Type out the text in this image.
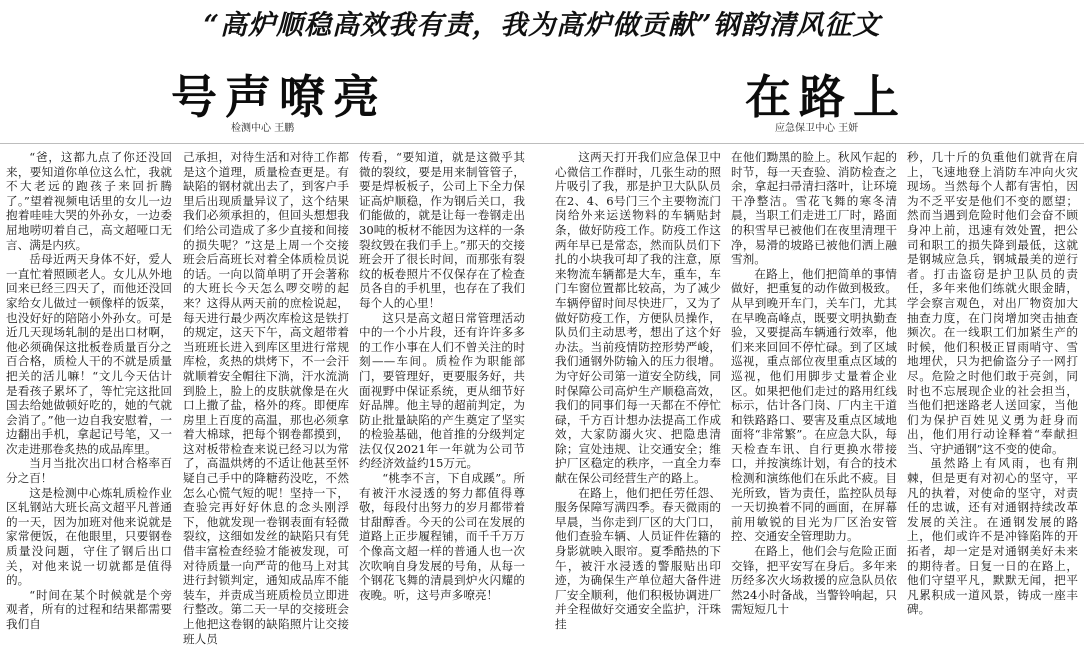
“高炉顺稳高效我有责，我为高炉做贡献”钢韵清风征文
号声嘹亮
检测中心 王鹏
在路上
应急保卫中心 王妍

“爸，这都九点了你还没回来，要知道你单位这么忙，我就不大老远的跑孩子来回折腾了。”望着视频电话里的女儿一边抱着哇哇大哭的外孙女，一边委屈地唠叨着自己，高文超哑口无言、满是内疚。

岳母近两天身体不好，爱人一直忙着照顾老人。女儿从外地回来已经三四天了，而他还没回家给女儿做过一顿像样的饭菜，也没好好的陪陪小外孙女。可是近几天现场轧制的是出口材啊，他必须确保这批板卷质量百分之百合格，质检人干的不就是质量把关的活儿嘛！“文儿今天估计是看孩子累坏了，等忙完这批回国去给她做顿好吃的，她的气就会消了。”他一边自我安慰着，一边翻出手机，拿起记号笔，又一次走进那卷炙热的成品库里。

当月当批次出口材合格率百分之百！

这是检测中心炼轧质检作业区轧钢站大班长高文超平凡普通的一天，因为加班对他来说就是家常便饭，在他眼里，只要钢卷质量没问题，守住了钢后出口关，对他来说一切就都是值得的。

“时间在某个时候就是个旁观者，所有的过程和结果都需要我们自

己承担，对待生活和对待工作都是这个道理，质量检查更是。有缺陷的钢材就出去了，到客户手里后出现质量异议了，这个结果我们必须承担的，但回头想想我们给公司造成了多少直接和间接的损失呢？”这是上周一个交接班会后高班长对着全体质检员说的话。一向以简单明了开会著称的大班长今天怎么啰交唠的起来？这得从两天前的庶检说起，每天进行最少两次库检这是铁打的规定，这天下午，高文超带着当班班长进入到库区里进行常规库检，炙热的烘烤下，不一会汗就顺着安全帽往下淌，汗水流淌到脸上，脸上的皮肤就像是在火口上撒了盐，格外的疼。即便库房里上百度的高温，那也必须拿着大棉球，把每个钢卷都摸到，这对板带检查来说已经习以为常了，高温烘烤的不适让他甚至怀疑自己手中的降糖药没吃，不然怎么心慌气短的呢！坚持一下，查验完再好好休息的念头刚浮下，他就发现一卷钢表面有轻微裂纹，这细如发丝的缺陷只有凭借丰富检查经验才能被发现，可对待质量一向严苛的他马上对其进行封锁判定，通知成品库不能装车，并责成当班质检员立即进行整改。第二天一早的交接班会上他把这卷钢的缺陷照片让交接班人员

传看，“要知道，就是这微乎其微的裂纹，要是用来制管管子，要是焊板板子，公司上下全力保证高炉顺稳，作为钢后关口，我们能做的，就是让每一卷钢走出30吨的板材不能因为这样的一条裂纹毁在我们手上。”那天的交接班会开了很长时间，而那张有裂纹的板卷照片不仅保存在了检查员各自的手机里，也存在了我们每个人的心里！

这只是高文超日常管理活动中的一个小片段，还有许许多多的工作小事在人们不曾关注的时刻——车间。质检作为职能部门，要管理好，更要服务好，共面视野中保证系统，更从细节好好品牌。他主导的超前判定，为防止批量缺陷的产生奠定了坚实的检验基础，他首推的分级判定法仅仅2021年一年就为公司节约经济效益约15万元。

“桃李不言，下自成蹊”。所有被汗水浸透的努力都值得尊敬，每段付出努力的岁月都带着甘甜醇香。今天的公司在发展的道路上正步履程铺，而千千万万个像高文超一样的普通人也一次次吹响自身发展的号角，从每一个钢花飞舞的清晨到炉火闪耀的夜晚。听，这号声多嘹亮！

这两天打开我们应急保卫中心微信工作群时，几张生动的照片吸引了我，那是护卫大队队员在2、4、6号门三个主要物流门岗给外来运送物料的车辆贴封条，做好防疫工作。防疫工作这两年早已是常态，然而队员们下扎的小块我可却了我的注意，原来物流车辆都是大车，重车，车门车窗位置都比较高，为了减少车辆停留时间尽快进厂，又为了做好防疫工作，方便队员操作，队员们主动思考，想出了这个好办法。当前疫情防控形势严峻，我们通钢外防输入的压力很增。为守好公司第一道安全防线，同时保障公司高炉生产顺稳高效，我们的同事们每一天都在不停忙碌，千方百计想办法提高工作成效，大家防溺火灾、把隐患清除；宣处违规、让交通安全；维护厂区稳定的秩序，一直全力奉献在保公司经营生产的路上。

在路上，他们把任劳任怨、服务保障写满四季。春天微雨的早晨，当你走到厂区的大门口，他们查验车辆、人员证件佐籍的身影就映入眼帘。夏季酷热的下午，被汗水浸透的警服贴出印迹，为确保生产单位超大备件进厂安全顺利，他们积极协调进厂并全程做好交通安全监护，汗珠挂

在他们黝黑的脸上。秋风乍起的时节，每一天查验、消防检查之余，拿起扫帚清扫落叶，让环境干净整洁。雪花飞舞的寒冬清晨，当职工们走进工厂时，路面的积雪早已被他们在夜里清理干净，易滑的坡路已被他们洒上融雪剂。

在路上，他们把简单的事情做好，把重复的动作做到极致。从早到晚开车门，关车门，尤其在早晚高峰点，既要文明执勤查验，又要提高车辆通行效率，他们来来回回不停忙碌。到了区域巡视，重点部位夜里重点区域的巡视，他们用脚步丈量着企业区。如果把他们走过的路用红线标示，估计各门岗、厂内主干道和铁路路口、要害及重点区域地面将“非常繁”。在应急大队，每天检查车讯、自行更换水带接口，并按演练计划，有合的技术检测和演练他们在乐此不疲。目光所致，皆为责任，监控队员每一天切换着不同的画面，在屏幕前用敏锐的目光为厂区治安管控、交通安全管理助力。

在路上，他们会与危险正面交锋，把平安写在身后。多年来历经多次火场救援的应急队员依然24小时备战，当警铃响起，只需短短几十

秒，几十斤的负重他们就背在肩上，飞速地登上消防车冲向火灾现场。当然每个人都有害怕，因为不乏平安是他们不变的愿望；然而当遇到危险时他们会奋不顾身冲上前，迅速有效处置，把公司和职工的损失降到最低，这就是钢城应急兵，钢城最美的逆行者。打击盗窃是护卫队员的责任，多年来他们练就火眼金睛，学会察言观色，对出厂物资加大抽查力度，在门岗增加突击抽查频次。在一线职工们加紧生产的时候，他们积极正冒雨哨守、雪地埋伏，只为把偷盗分子一网打尽。危险之时他们敢于亮剑，同时也不忘展现企业的社会担当，当他们把迷路老人送回家，当他们为保护百姓见义勇为赶身而出，他们用行动诠释着“奉献担当、守护通钢”这不变的使命。

虽然路上有风雨，也有荆棘，但是更有对初心的坚守，平凡的执着，对使命的坚守，对责任的忠诚，还有对通钢持续改革发展的关注。在通钢发展的路上，他们或许不是冲锋陷阵的开拓者，却一定是对通钢美好未来的期待者。日复一日的在路上，他们守望平凡，默默无闻，把平凡累积成一道风景，铸成一座丰碑。
